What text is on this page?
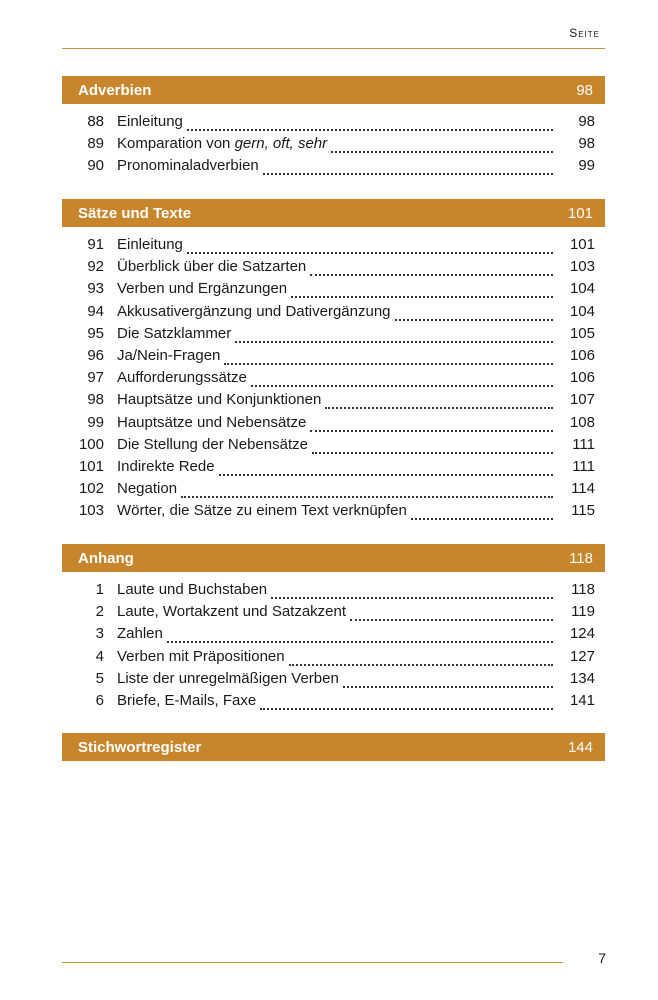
Seite
Adverbien	98
88 Einleitung	98
89 Komparation von gern, oft, sehr	98
90 Pronominaladverbien	99
Sätze und Texte	101
91 Einleitung	101
92 Überblick über die Satzarten	103
93 Verben und Ergänzungen	104
94 Akkusativergänzung und Dativergänzung	104
95 Die Satzklammer	105
96 Ja/Nein-Fragen	106
97 Aufforderungssätze	106
98 Hauptsätze und Konjunktionen	107
99 Hauptsätze und Nebensätze	108
100 Die Stellung der Nebensätze	111
101 Indirekte Rede	111
102 Negation	114
103 Wörter, die Sätze zu einem Text verknüpfen	115
Anhang	118
1 Laute und Buchstaben	118
2 Laute, Wortakzent und Satzakzent	119
3 Zahlen	124
4 Verben mit Präpositionen	127
5 Liste der unregelmäßigen Verben	134
6 Briefe, E-Mails, Faxe	141
Stichwortregister	144
7
